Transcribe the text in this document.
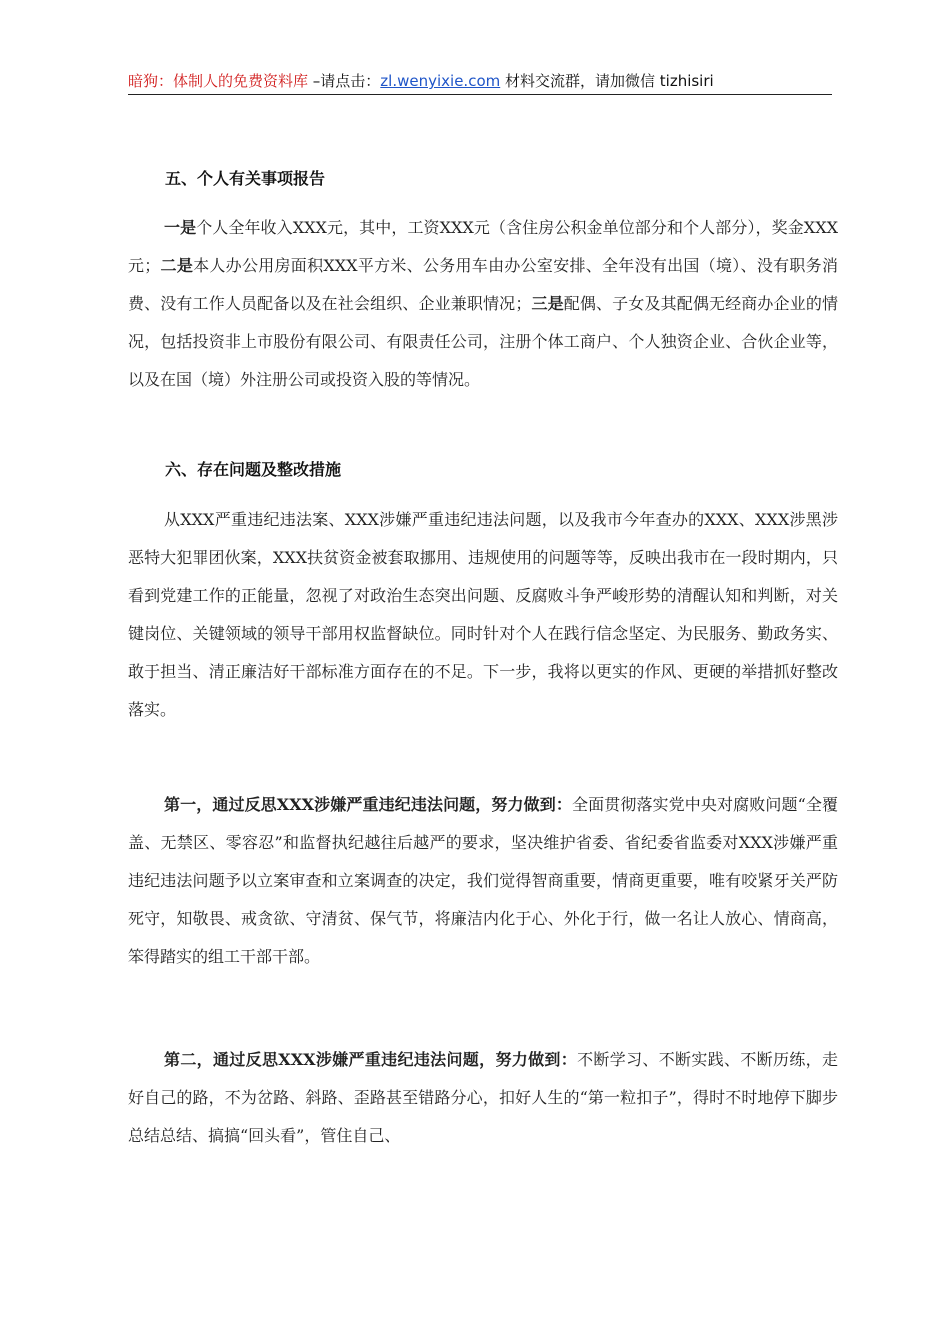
暗狗：体制人的免费资料库 –请点击：zl.wenyixie.com 材料交流群，请加微信 tizhisiri
五、个人有关事项报告
一是个人全年收入XXX元，其中，工资XXX元（含住房公积金单位部分和个人部分），奖金XXX元；二是本人办公用房面积XXX平方米、公务用车由办公室安排、全年没有出国（境）、没有职务消费、没有工作人员配备以及在社会组织、企业兼职情况；三是配偶、子女及其配偶无经商办企业的情况，包括投资非上市股份有限公司、有限责任公司，注册个体工商户、个人独资企业、合伙企业等，以及在国（境）外注册公司或投资入股的等情况。
六、存在问题及整改措施
从XXX严重违纪违法案、XXX涉嫌严重违纪违法问题，以及我市今年查办的XXX、XXX涉黑涉恶特大犯罪团伙案，XXX扶贫资金被套取挪用、违规使用的问题等等，反映出我市在一段时期内，只看到党建工作的正能量，忽视了对政治生态突出问题、反腐败斗争严峻形势的清醒认知和判断，对关键岗位、关键领域的领导干部用权监督缺位。同时针对个人在践行信念坚定、为民服务、勤政务实、敢于担当、清正廉洁好干部标准方面存在的不足。下一步，我将以更实的作风、更硬的举措抓好整改落实。
第一，通过反思XXX涉嫌严重违纪违法问题，努力做到：全面贯彻落实党中央对腐败问题“全覆盖、无禁区、零容忍”和监督执纪越往后越严的要求，坚决维护省委、省纪委省监委对XXX涉嫌严重违纪违法问题予以立案审查和立案调查的决定，我们觉得智商重要，情商更重要，唯有咬紧牙关严防死守，知敬畏、戒贪欲、守清贫、保气节，将廉洁内化于心、外化于行，做一名让人放心、情商高，笨得踏实的组工干部干部。
第二，通过反思XXX涉嫌严重违纪违法问题，努力做到：不断学习、不断实践、不断历练，走好自己的路，不为岔路、斜路、歪路甚至错路分心，扣好人生的“第一粒扣子”，得时不时地停下脚步总结总结、搞搞“回头看”，管住自己、
